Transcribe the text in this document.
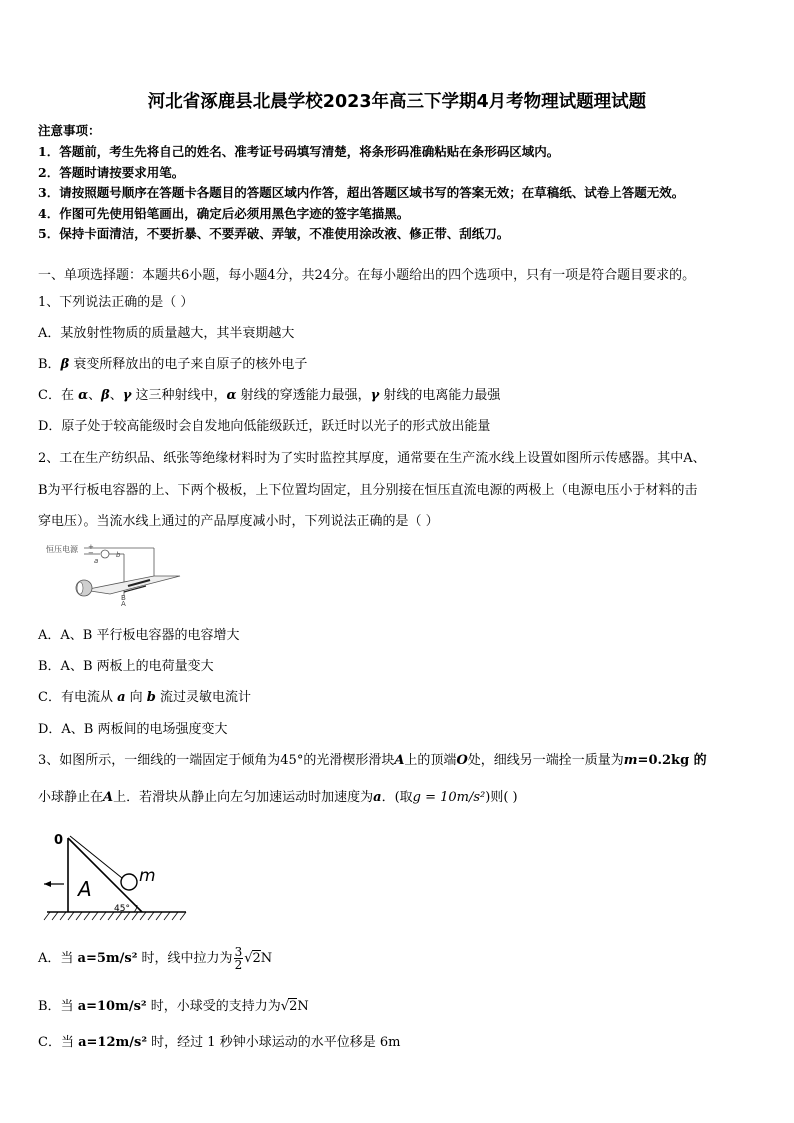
河北省涿鹿县北晨学校2023年高三下学期4月考物理试题理试题
注意事项：
1．答题前，考生先将自己的姓名、准考证号码填写清楚，将条形码准确粘贴在条形码区域内。
2．答题时请按要求用笔。
3．请按照题号顺序在答题卡各题目的答题区域内作答，超出答题区域书写的答案无效；在草稿纸、试卷上答题无效。
4．作图可先使用铅笔画出，确定后必须用黑色字迹的签字笔描黑。
5．保持卡面清洁，不要折暴、不要弄破、弄皱，不准使用涂改液、修正带、刮纸刀。
一、单项选择题：本题共6小题，每小题4分，共24分。在每小题给出的四个选项中，只有一项是符合题目要求的。
1、下列说法正确的是（ ）
A．某放射性物质的质量越大，其半衰期越大
B．β 衰变所释放出的电子来自原子的核外电子
C．在 α、β、γ 这三种射线中，α 射线的穿透能力最强，γ 射线的电离能力最强
D．原子处于较高能级时会自发地向低能级跃迁，跃迁时以光子的形式放出能量
2、工在生产纺织品、纸张等绝缘材料时为了实时监控其厚度，通常要在生产流水线上设置如图所示传感器。其中A、
B为平行板电容器的上、下两个极板，上下位置均固定，且分别接在恒压直流电源的两极上（电源电压小于材料的击
穿电压）。当流水线上通过的产品厚度减小时，下列说法正确的是（ ）
恒压电源 +
−
a
b
A
B
A．A、B 平行板电容器的电容增大
B．A、B 两板上的电荷量变大
C．有电流从 a 向 b 流过灵敏电流计
D．A、B 两板间的电场强度变大
3、如图所示，一细线的一端固定于倾角为45°的光滑楔形滑块A上的顶端O处，细线另一端拴一质量为m=0.2kg 的
小球静止在A上．若滑块从静止向左匀加速运动时加速度为a．(取g = 10m/s²)则( )
0
m
A
45°
A．当 a=5m/s² 时，线中拉力为 $\frac{3}{2} √2N$
B．当 a=10m/s² 时，小球受的支持力为√2N
C．当 a=12m/s² 时，经过 1 秒钟小球运动的水平位移是 6m
